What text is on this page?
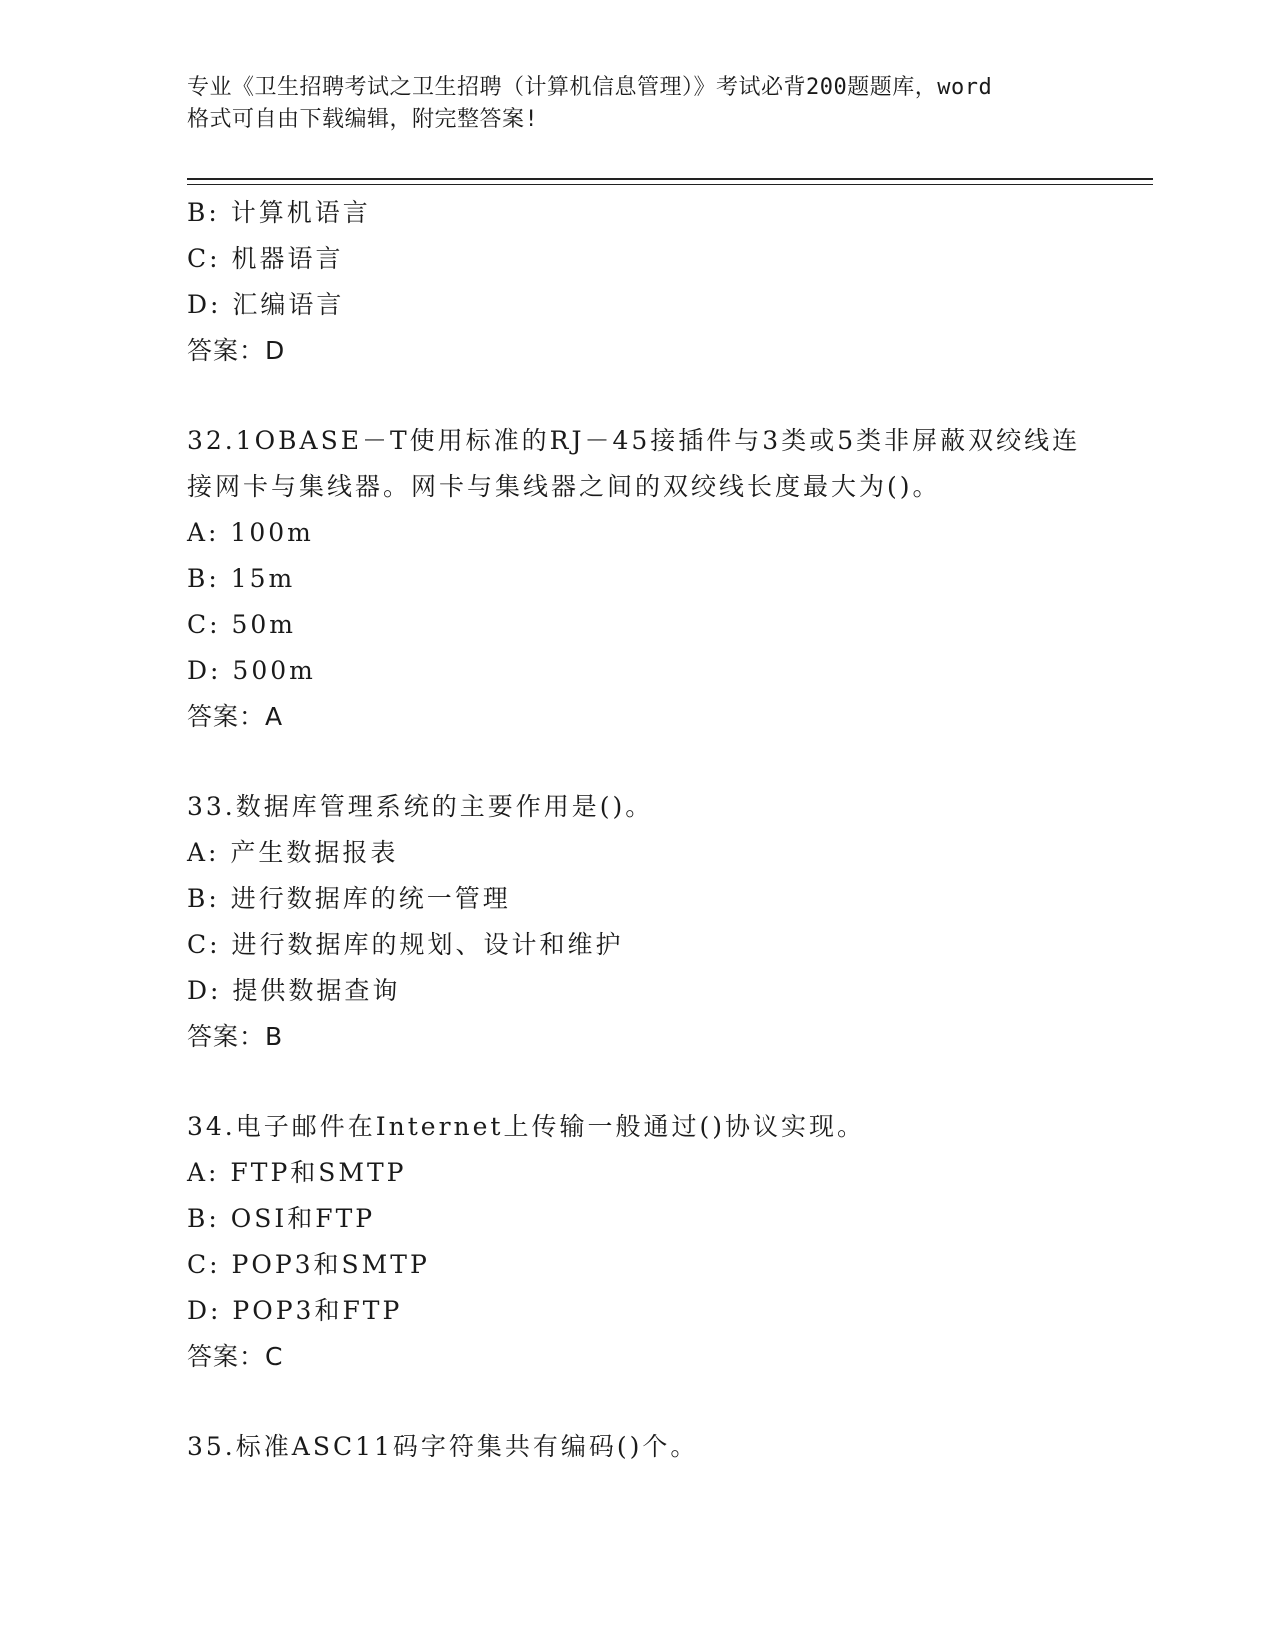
专业《卫生招聘考试之卫生招聘（计算机信息管理）》考试必背200题题库，word
格式可自由下载编辑，附完整答案!
B: 计算机语言
C: 机器语言
D: 汇编语言
答案：D
32.1OBASE－T使用标准的RJ－45接插件与3类或5类非屏蔽双绞线连
接网卡与集线器。网卡与集线器之间的双绞线长度最大为()。
A: 100m
B: 15m
C: 50m
D: 500m
答案：A
33.数据库管理系统的主要作用是()。
A: 产生数据报表
B: 进行数据库的统一管理
C: 进行数据库的规划、设计和维护
D: 提供数据查询
答案：B
34.电子邮件在Internet上传输一般通过()协议实现。
A: FTP和SMTP
B: OSI和FTP
C: POP3和SMTP
D: POP3和FTP
答案：C
35.标准ASC11码字符集共有编码()个。
